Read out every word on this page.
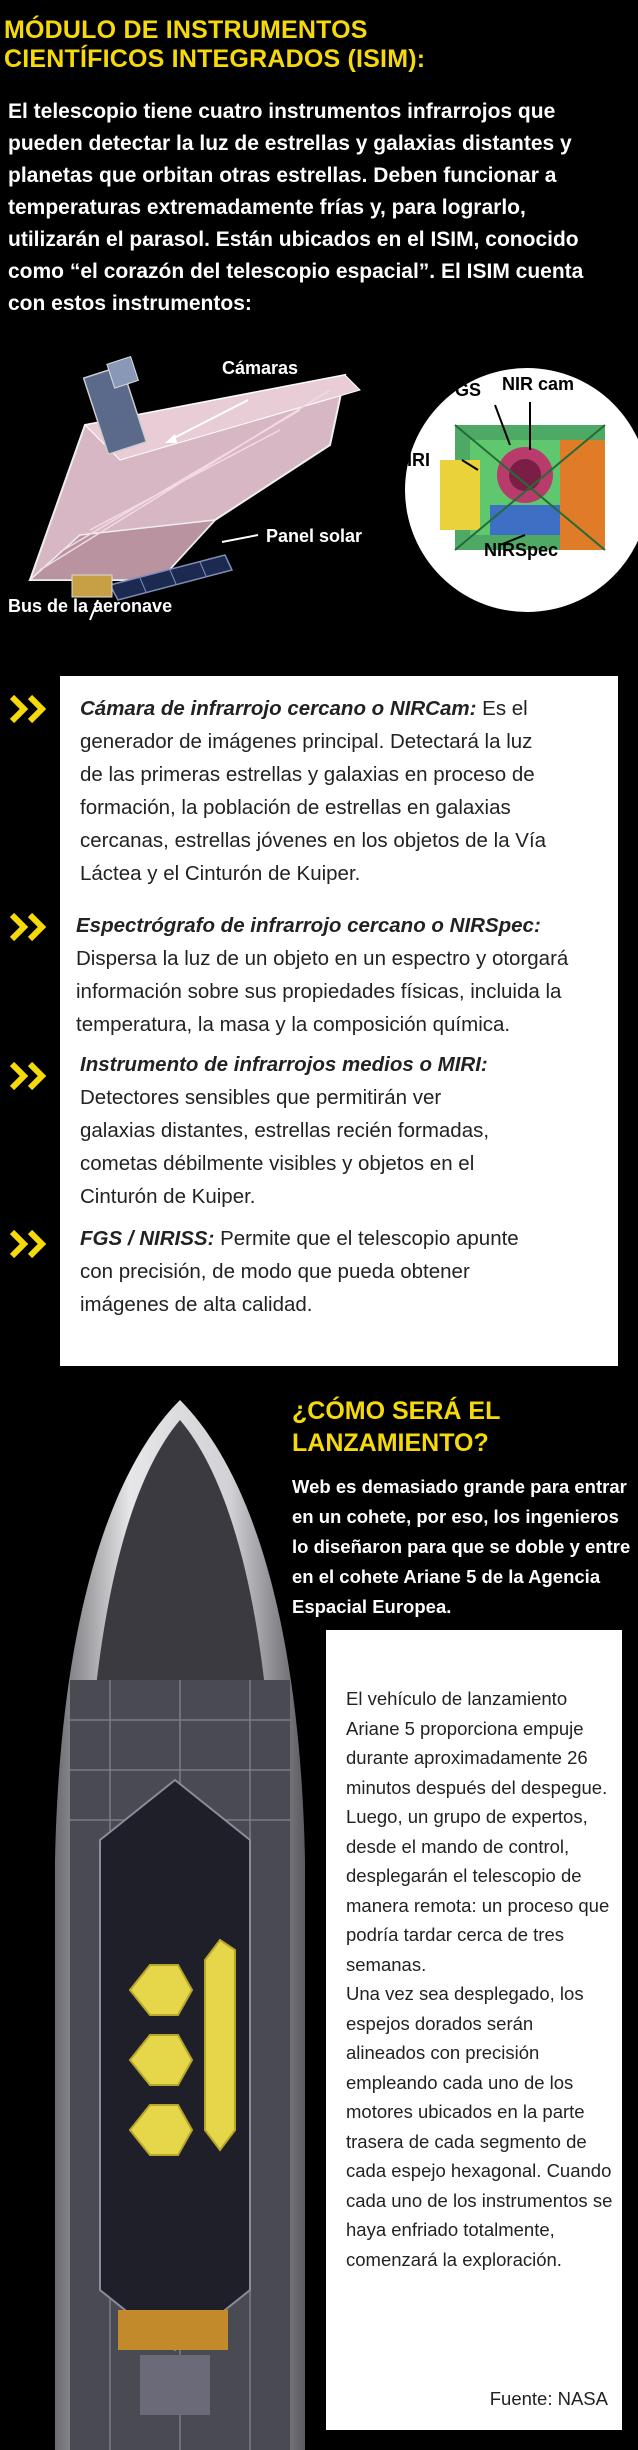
MÓDULO DE INSTRUMENTOS
CIENTÍFICOS INTEGRADOS (ISIM):

El telescopio tiene cuatro instrumentos infrarrojos que pueden detectar la luz de estrellas y galaxias distantes y planetas que orbitan otras estrellas. Deben funcionar a temperaturas extremadamente frías y, para lograrlo, utilizarán el parasol. Están ubicados en el ISIM, conocido como “el corazón del telescopio espacial”. El ISIM cuenta con estos instrumentos:

Cámaras
Panel solar
Bus de la aeronave
FGS NIR cam
MIRI
NIRSpec
Cámara de infrarrojo cercano o NIRCam: Es el
generador de imágenes principal. Detectará la luz
de las primeras estrellas y galaxias en proceso de
formación, la población de estrellas en galaxias
cercanas, estrellas jóvenes en los objetos de la Vía
Láctea y el Cinturón de Kuiper.
Espectrógrafo de infrarrojo cercano o NIRSpec:
Dispersa la luz de un objeto en un espectro y otorgará
información sobre sus propiedades físicas, incluida la
temperatura, la masa y la composición química.
Instrumento de infrarrojos medios o MIRI:
Detectores sensibles que permitirán ver
galaxias distantes, estrellas recién formadas,
cometas débilmente visibles y objetos en el
Cinturón de Kuiper.
FGS / NIRISS: Permite que el telescopio apunte
con precisión, de modo que pueda obtener
imágenes de alta calidad.
¿CÓMO SERÁ EL
LANZAMIENTO?

Web es demasiado grande para entrar en un cohete, por eso, los ingenieros lo diseñaron para que se doble y entre en el cohete Ariane 5 de la Agencia Espacial Europea.

El vehículo de lanzamiento Ariane 5 proporciona empuje durante aproximadamente 26 minutos después del despegue.

Luego, un grupo de expertos, desde el mando de control, desplegarán el telescopio de manera remota: un proceso que podría tardar cerca de tres semanas.

Una vez sea desplegado, los espejos dorados serán alineados con precisión empleando cada uno de los motores ubicados en la parte trasera de cada segmento de cada espejo hexagonal. Cuando cada uno de los instrumentos se haya enfriado totalmente, comenzará la exploración.

Fuente: NASA
